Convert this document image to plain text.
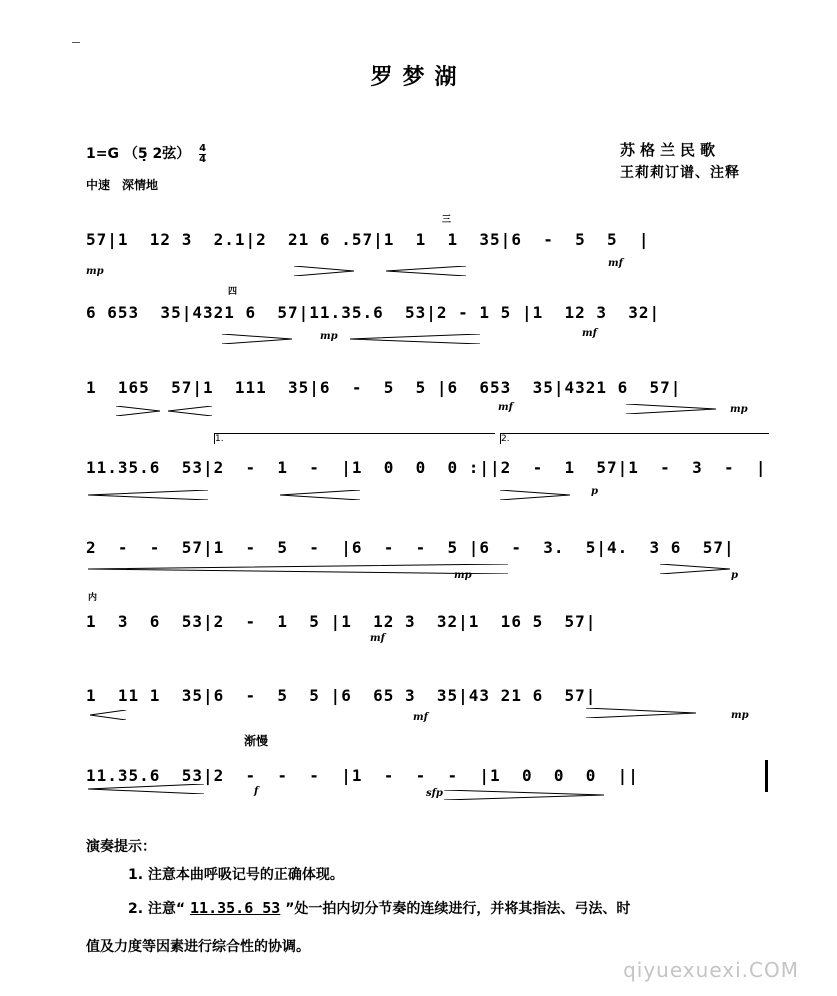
罗梦湖
1=G （5̣ 2弦） $\frac{4}{4}$
中速　深情地
苏格兰民歌
王莉莉订谱、注释
57|1  12 3  2.1|2  21 6 .57|1  1  1  35|6  -  5  5  |
6 653  35|4321 6  57|11.35.6  53|2 - 1 5 |1  12 3  32|
1  165  57|1  111  35|6  -  5  5 |6  653  35|4321 6  57|
11.35.6  53|2  -  1  -  |1  0  0  0 :||2  -  1  57|1  -  3  -  |
2  -  -  57|1  -  5  -  |6  -  -  5 |6  -  3.  5|4.  3 6  57|
1  3  6  53|2  -  1  5 |1  12 3  32|1  16 5  57|
1  11 1  35|6  -  5  5 |6  65 3  35|43 21 6  57|
11.35.6  53|2  -  -  -  |1  -  -  -  |1  0  0  0  ||
mp
mf
mp	mf
mf	mp
p
mp	p
mf
mf	mp
f	sfp
1.	2.
渐慢
内
四
三
演奏提示：
1. 注意本曲呼吸记号的正确体现。
2. 注意“ 11.35.6 53 ”处一拍内切分节奏的连续进行，并将其指法、弓法、时
值及力度等因素进行综合性的协调。
qiyuexuexi.COM
